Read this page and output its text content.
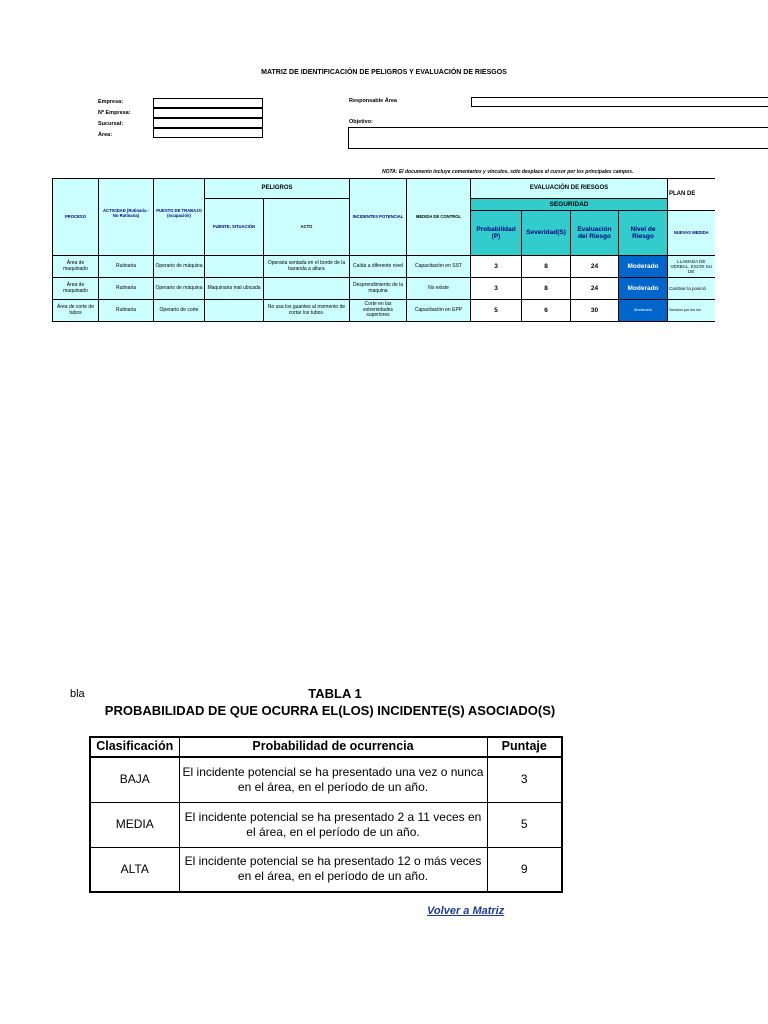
MATRIZ DE IDENTIFICACIÓN DE PELIGROS Y EVALUACIÓN DE RIESGOS
Empresa:
Nº Empresa:
Sucursal:
Área:
Responsable Área
Objetivo:
NOTA: El documento incluye comentarios y vínculos, sólo desplace el cursor por los principales campos.
PROCESO	ACTIVIDAD (Rutinaria - No Rutinaria)	PUESTO DE TRABAJO (ocupación)	PELIGROS		INCIDENTES POTENCIAL	MEDIDA DE CONTROL	EVALUACIÓN DE RIESGOS				PLAN DE
			FUENTE, SITUACIÓN	ACTO			SEGURIDAD				
							Probabilidad (P)	Severidad(S)	Evaluación del Riesgo	Nivel de Riesgo	NUEVAS MEDIDA
Área de maquinado	Rutinaria	Operario de máquina		Operaria sentada en el borde de la baranda a altura	Caída a diferente nivel	Capacitación en SST	3	8	24	Moderado	LLAMADA DE VERBAL, ESCRI SU DE
Área de maquinado	Rutinaria	Operario de máquina	Maquinaria mal ubicada		Desprendimiento de la maquina	No existe	3	8	24	Moderado	Cambiar la posició
Área de corte de tubos	Rutinaria	Operario de corte		No usa los guantes al momento de cortar los tubos.	Corte en las extremidades superiores	Capacitación en EPP	5	6	30	Moderado	Sanción por los inc
bla	TABLA 1
PROBABILIDAD DE QUE OCURRA EL(LOS) INCIDENTE(S) ASOCIADO(S)
Clasificación	Probabilidad de ocurrencia	Puntaje
BAJA	El incidente potencial se ha presentado una vez o nunca en el área, en el período de un año.	3
MEDIA	El incidente potencial se ha presentado 2 a 11 veces en el área, en el período de un año.	5
ALTA	El incidente potencial se ha presentado 12 o más veces en el área, en el período de un año.	9
Volver a Matriz
